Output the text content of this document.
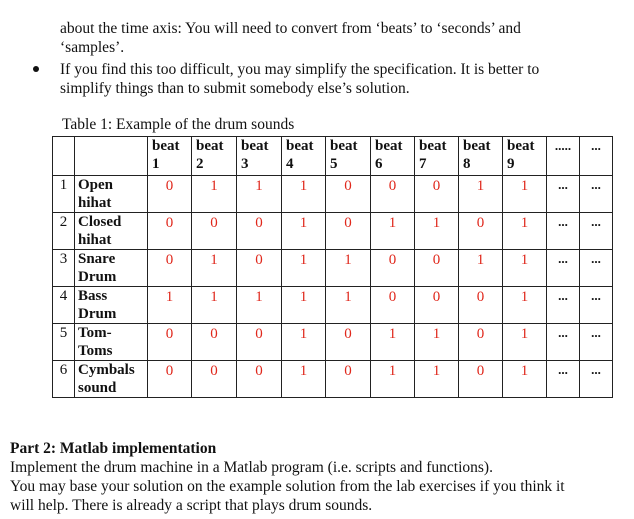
about the time axis: You will need to convert from ‘beats’ to ‘seconds’ and
‘samples’.
If you find this too difficult, you may simplify the specification. It is better to
simplify things than to submit somebody else’s solution.
Table 1: Example of the drum sounds
		beat
1	beat
2	beat
3	beat
4	beat
5	beat
6	beat
7	beat
8	beat
9	.....	...
1	Open
hihat	0	1	1	1	0	0	0	1	1	...	...
2	Closed
hihat	0	0	0	1	0	1	1	0	1	...	...
3	Snare
Drum	0	1	0	1	1	0	0	1	1	...	...
4	Bass
Drum	1	1	1	1	1	0	0	0	1	...	...
5	Tom-
Toms	0	0	0	1	0	1	1	0	1	...	...
6	Cymbals
sound	0	0	0	1	0	1	1	0	1	...	...
Part 2: Matlab implementation
Implement the drum machine in a Matlab program (i.e. scripts and functions).
You may base your solution on the example solution from the lab exercises if you think it
will help. There is already a script that plays drum sounds.
